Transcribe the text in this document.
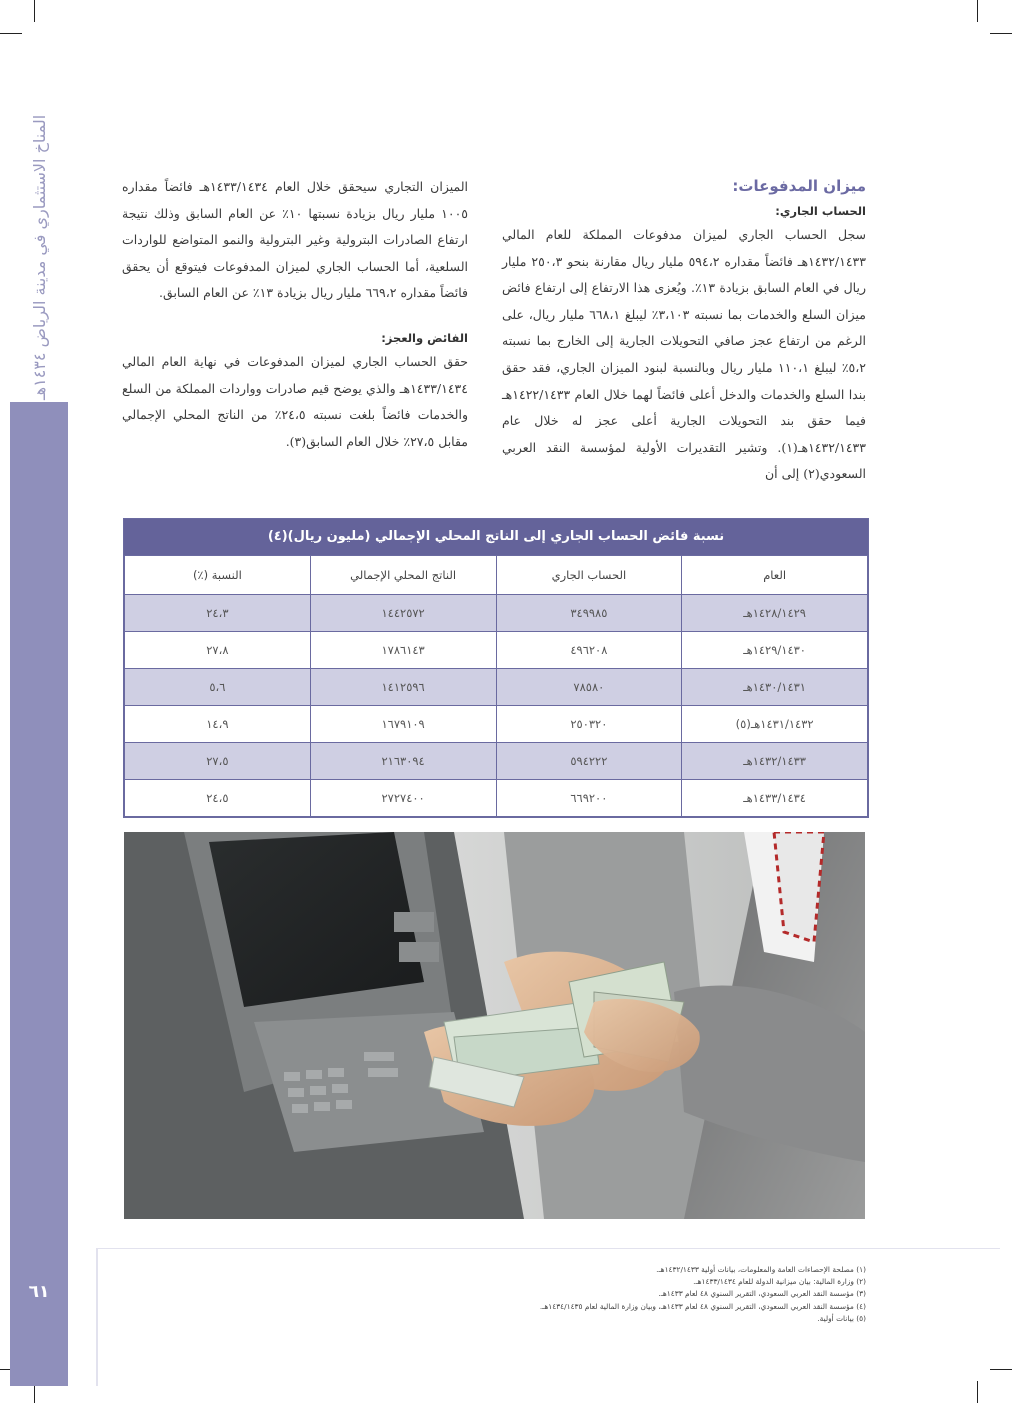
المناخ الاستثماري في مدينة الرياض ١٤٣٤هـ
٦١
ميزان المدفوعات:
الحساب الجاري:

سجل الحساب الجاري لميزان مدفوعات المملكة للعام المالي ١٤٣٢/١٤٣٣هـ فائضاً مقداره ٥٩٤،٢ مليار ريال مقارنة بنحو ٢٥٠،٣ مليار ريال في العام السابق بزيادة ١٣٪. ويُعزى هذا الارتفاع إلى ارتفاع فائض ميزان السلع والخدمات بما نسبته ٣،١٠٣٪ ليبلغ ٦٦٨،١ مليار ريال، على الرغم من ارتفاع عجز صافي التحويلات الجارية إلى الخارج بما نسبته ٥،٢٪ ليبلغ ١١٠،١ مليار ريال وبالنسبة لبنود الميزان الجاري، فقد حقق بندا السلع والخدمات والدخل أعلى فائضاً لهما خلال العام ١٤٢٢/١٤٣٣هـ فيما حقق بند التحويلات الجارية أعلى عجز له خلال عام ١٤٣٢/١٤٣٣هـ(١). وتشير التقديرات الأولية لمؤسسة النقد العربي السعودي(٢) إلى أن

الميزان التجاري سيحقق خلال العام ١٤٣٣/١٤٣٤هـ فائضاً مقداره ١٠٠٥ مليار ريال بزيادة نسبتها ١٠٪ عن العام السابق وذلك نتيجة ارتفاع الصادرات البترولية وغير البترولية والنمو المتواضع للواردات السلعية، أما الحساب الجاري لميزان المدفوعات فيتوقع أن يحقق فائضاً مقداره ٦٦٩،٢ مليار ريال بزيادة ١٣٪ عن العام السابق.

الفائض والعجز:

حقق الحساب الجاري لميزان المدفوعات في نهاية العام المالي ١٤٣٣/١٤٣٤هـ والذي يوضح قيم صادرات وواردات المملكة من السلع والخدمات فائضاً بلغت نسبته ٢٤،٥٪ من الناتج المحلي الإجمالي مقابل ٢٧،٥٪ خلال العام السابق(٣).

نسبة فائض الحساب الجاري إلى الناتج المحلي الإجمالي (مليون ريال)(٤)
العام	الحساب الجاري	الناتج المحلي الإجمالي	النسبة (٪)
١٤٢٨/١٤٢٩هـ	٣٤٩٩٨٥	١٤٤٢٥٧٢	٢٤،٣
١٤٢٩/١٤٣٠هـ	٤٩٦٢٠٨	١٧٨٦١٤٣	٢٧،٨
١٤٣٠/١٤٣١هـ	٧٨٥٨٠	١٤١٢٥٩٦	٥،٦
١٤٣١/١٤٣٢هـ(٥)	٢٥٠٣٢٠	١٦٧٩١٠٩	١٤،٩
١٤٣٢/١٤٣٣هـ	٥٩٤٢٢٢	٢١٦٣٠٩٤	٢٧،٥
١٤٣٣/١٤٣٤هـ	٦٦٩٢٠٠	٢٧٢٧٤٠٠	٢٤،٥
(١) مصلحة الإحصاءات العامة والمعلومات، بيانات أولية ١٤٣٢/١٤٣٣هـ.
(٢) وزارة المالية: بيان ميزانية الدولة للعام ١٤٣٣/١٤٣٤هـ.
(٣) مؤسسة النقد العربي السعودي، التقرير السنوي ٤٨ لعام ١٤٣٣هـ.
(٤) مؤسسة النقد العربي السعودي، التقرير السنوي ٤٨ لعام ١٤٣٣هـ، وبيان وزارة المالية لعام ١٤٣٤/١٤٣٥هـ.
(٥) بيانات أولية.
